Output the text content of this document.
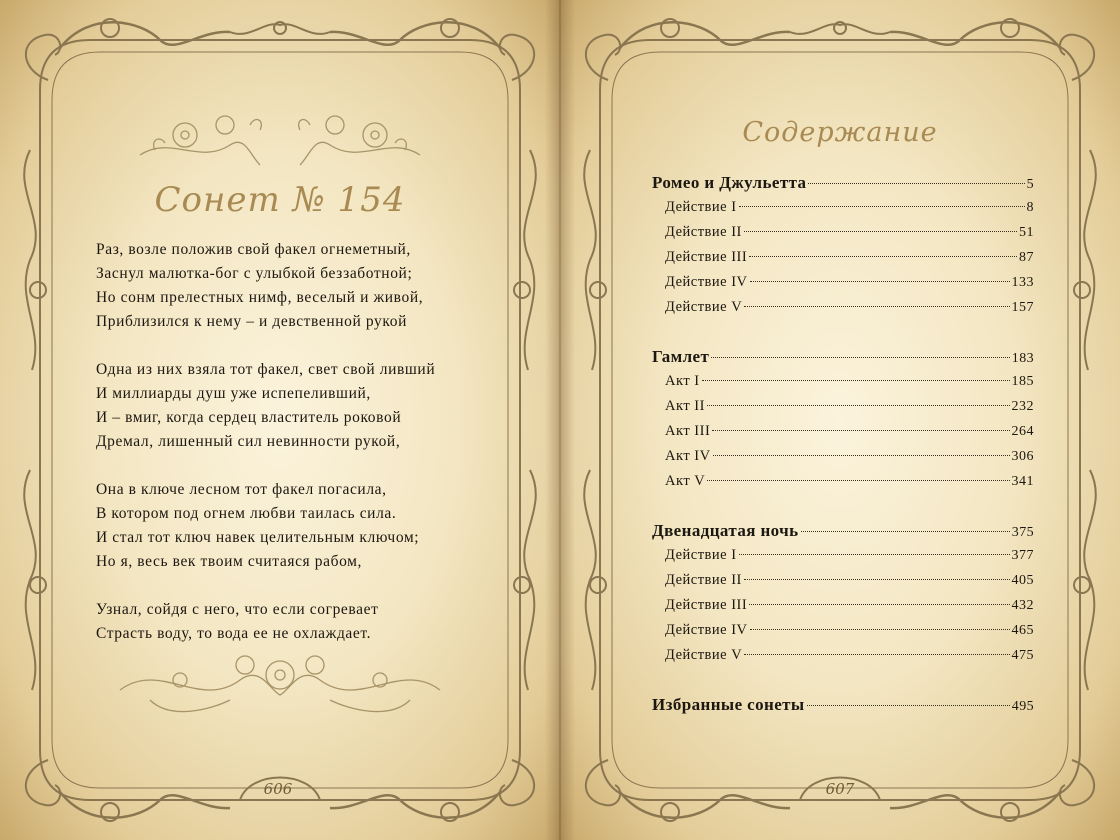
Сонет № 154
Раз, возле положив свой факел огнеметный,
Заснул малютка-бог с улыбкой беззаботной;
Но сонм прелестных нимф, веселый и живой,
Приблизился к нему – и девственной рукой
Одна из них взяла тот факел, свет свой ливший
И миллиарды душ уже испепеливший,
И – вмиг, когда сердец властитель роковой
Дремал, лишенный сил невинности рукой,
Она в ключе лесном тот факел погасила,
В котором под огнем любви таилась сила.
И стал тот ключ навек целительным ключом;
Но я, весь век твоим считаяся рабом,
Узнал, сойдя с него, что если согревает
Страсть воду, то вода ее не охлаждает.
606
Содержание
Ромео и Джульетта	5
Действие I	8
Действие II	51
Действие III	87
Действие IV	133
Действие V	157
Гамлет	183
Акт I	185
Акт II	232
Акт III	264
Акт IV	306
Акт V	341
Двенадцатая ночь	375
Действие I	377
Действие II	405
Действие III	432
Действие IV	465
Действие V	475
Избранные сонеты	495
607
